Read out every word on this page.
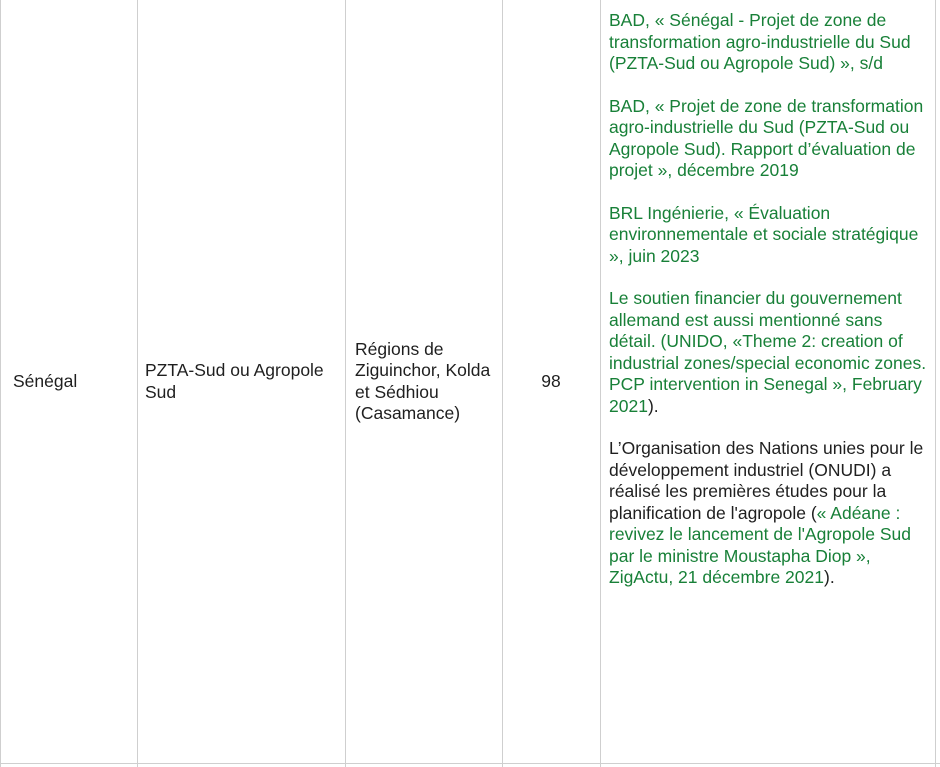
Sénégal
PZTA-Sud ou Agropole Sud
Régions de Ziguinchor, Kolda et Sédhiou (Casamance)
98

BAD, « Sénégal - Projet de zone de transformation agro-industrielle du Sud (PZTA-Sud ou Agropole Sud) », s/d

BAD, « Projet de zone de transformation agro-industrielle du Sud (PZTA-Sud ou Agropole Sud). Rapport d’évaluation de projet », décembre 2019

BRL Ingénierie, « Évaluation environnementale et sociale stratégique », juin 2023

Le soutien financier du gouvernement allemand est aussi mentionné sans détail. (UNIDO, «Theme 2: creation of industrial zones/special economic zones. PCP intervention in Senegal », February 2021).

L’Organisation des Nations unies pour le développement industriel (ONUDI) a réalisé les premières études pour la planification de l'agropole (« Adéane : revivez le lancement de l'Agropole Sud par le ministre Moustapha Diop », ZigActu, 21 décembre 2021).
